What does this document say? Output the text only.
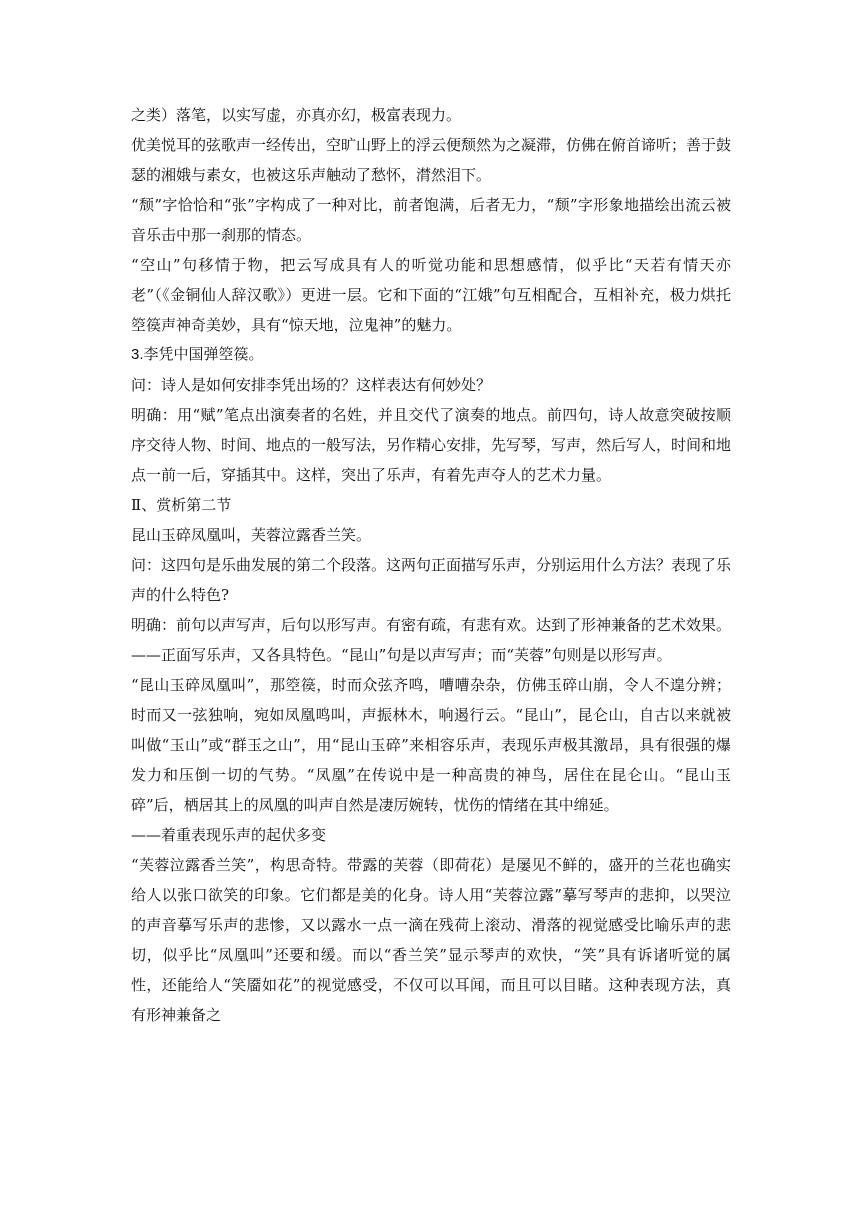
之类）落笔，以实写虚，亦真亦幻，极富表现力。

优美悦耳的弦歌声一经传出，空旷山野上的浮云便颓然为之凝滞，仿佛在俯首谛听；善于鼓瑟的湘娥与素女，也被这乐声触动了愁怀，潸然泪下。

“颓”字恰恰和“张”字构成了一种对比，前者饱满，后者无力，“颓”字形象地描绘出流云被音乐击中那一刹那的情态。

“空山”句移情于物，把云写成具有人的听觉功能和思想感情，似乎比“天若有情天亦老”（《金铜仙人辞汉歌》）更进一层。它和下面的“江娥”句互相配合，互相补充，极力烘托箜篌声神奇美妙，具有“惊天地，泣鬼神”的魅力。

3.李凭中国弹箜篌。

问：诗人是如何安排李凭出场的？这样表达有何妙处？

明确：用“赋”笔点出演奏者的名姓，并且交代了演奏的地点。前四句，诗人故意突破按顺序交待人物、时间、地点的一般写法，另作精心安排，先写琴，写声，然后写人，时间和地点一前一后，穿插其中。这样，突出了乐声，有着先声夺人的艺术力量。

Ⅱ、赏析第二节

昆山玉碎凤凰叫，芙蓉泣露香兰笑。

问：这四句是乐曲发展的第二个段落。这两句正面描写乐声，分别运用什么方法？表现了乐声的什么特色?

明确：前句以声写声，后句以形写声。有密有疏，有悲有欢。达到了形神兼备的艺术效果。

——正面写乐声，又各具特色。“昆山”句是以声写声；而“芙蓉”句则是以形写声。

“昆山玉碎凤凰叫”，那箜篌，时而众弦齐鸣，嘈嘈杂杂，仿佛玉碎山崩，令人不遑分辨；时而又一弦独响，宛如凤凰鸣叫，声振林木，响遏行云。“昆山”，昆仑山，自古以来就被叫做“玉山”或“群玉之山”，用“昆山玉碎”来相容乐声，表现乐声极其激昂，具有很强的爆发力和压倒一切的气势。“凤凰”在传说中是一种高贵的神鸟，居住在昆仑山。“昆山玉碎”后，栖居其上的凤凰的叫声自然是凄厉婉转，忧伤的情绪在其中绵延。

——着重表现乐声的起伏多变

“芙蓉泣露香兰笑”，构思奇特。带露的芙蓉（即荷花）是屡见不鲜的，盛开的兰花也确实给人以张口欲笑的印象。它们都是美的化身。诗人用“芙蓉泣露”摹写琴声的悲抑，以哭泣的声音摹写乐声的悲惨，又以露水一点一滴在残荷上滚动、滑落的视觉感受比喻乐声的悲切，似乎比“凤凰叫”还要和缓。而以“香兰笑”显示琴声的欢快，“笑”具有诉诸听觉的属性，还能给人“笑靥如花”的视觉感受，不仅可以耳闻，而且可以目睹。这种表现方法，真有形神兼备之
